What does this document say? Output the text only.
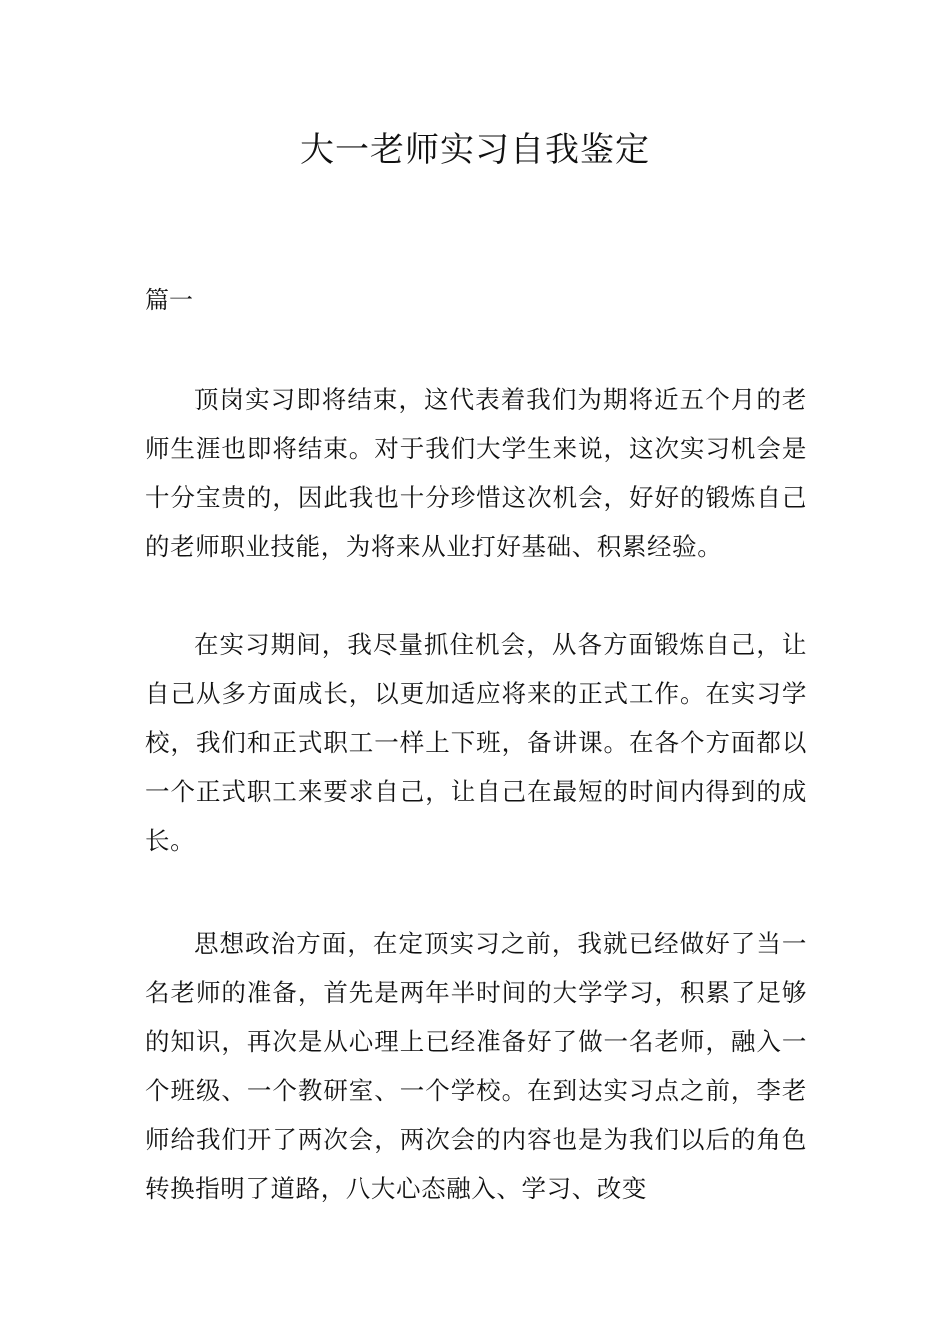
大一老师实习自我鉴定
篇一

顶岗实习即将结束，这代表着我们为期将近五个月的老师生涯也即将结束。对于我们大学生来说，这次实习机会是十分宝贵的，因此我也十分珍惜这次机会，好好的锻炼自己的老师职业技能，为将来从业打好基础、积累经验。

在实习期间，我尽量抓住机会，从各方面锻炼自己，让自己从多方面成长，以更加适应将来的正式工作。在实习学校，我们和正式职工一样上下班，备讲课。在各个方面都以一个正式职工来要求自己，让自己在最短的时间内得到的成长。

思想政治方面，在定顶实习之前，我就已经做好了当一名老师的准备，首先是两年半时间的大学学习，积累了足够的知识，再次是从心理上已经准备好了做一名老师，融入一个班级、一个教研室、一个学校。在到达实习点之前，李老师给我们开了两次会，两次会的内容也是为我们以后的角色转换指明了道路，八大心态融入、学习、改变
